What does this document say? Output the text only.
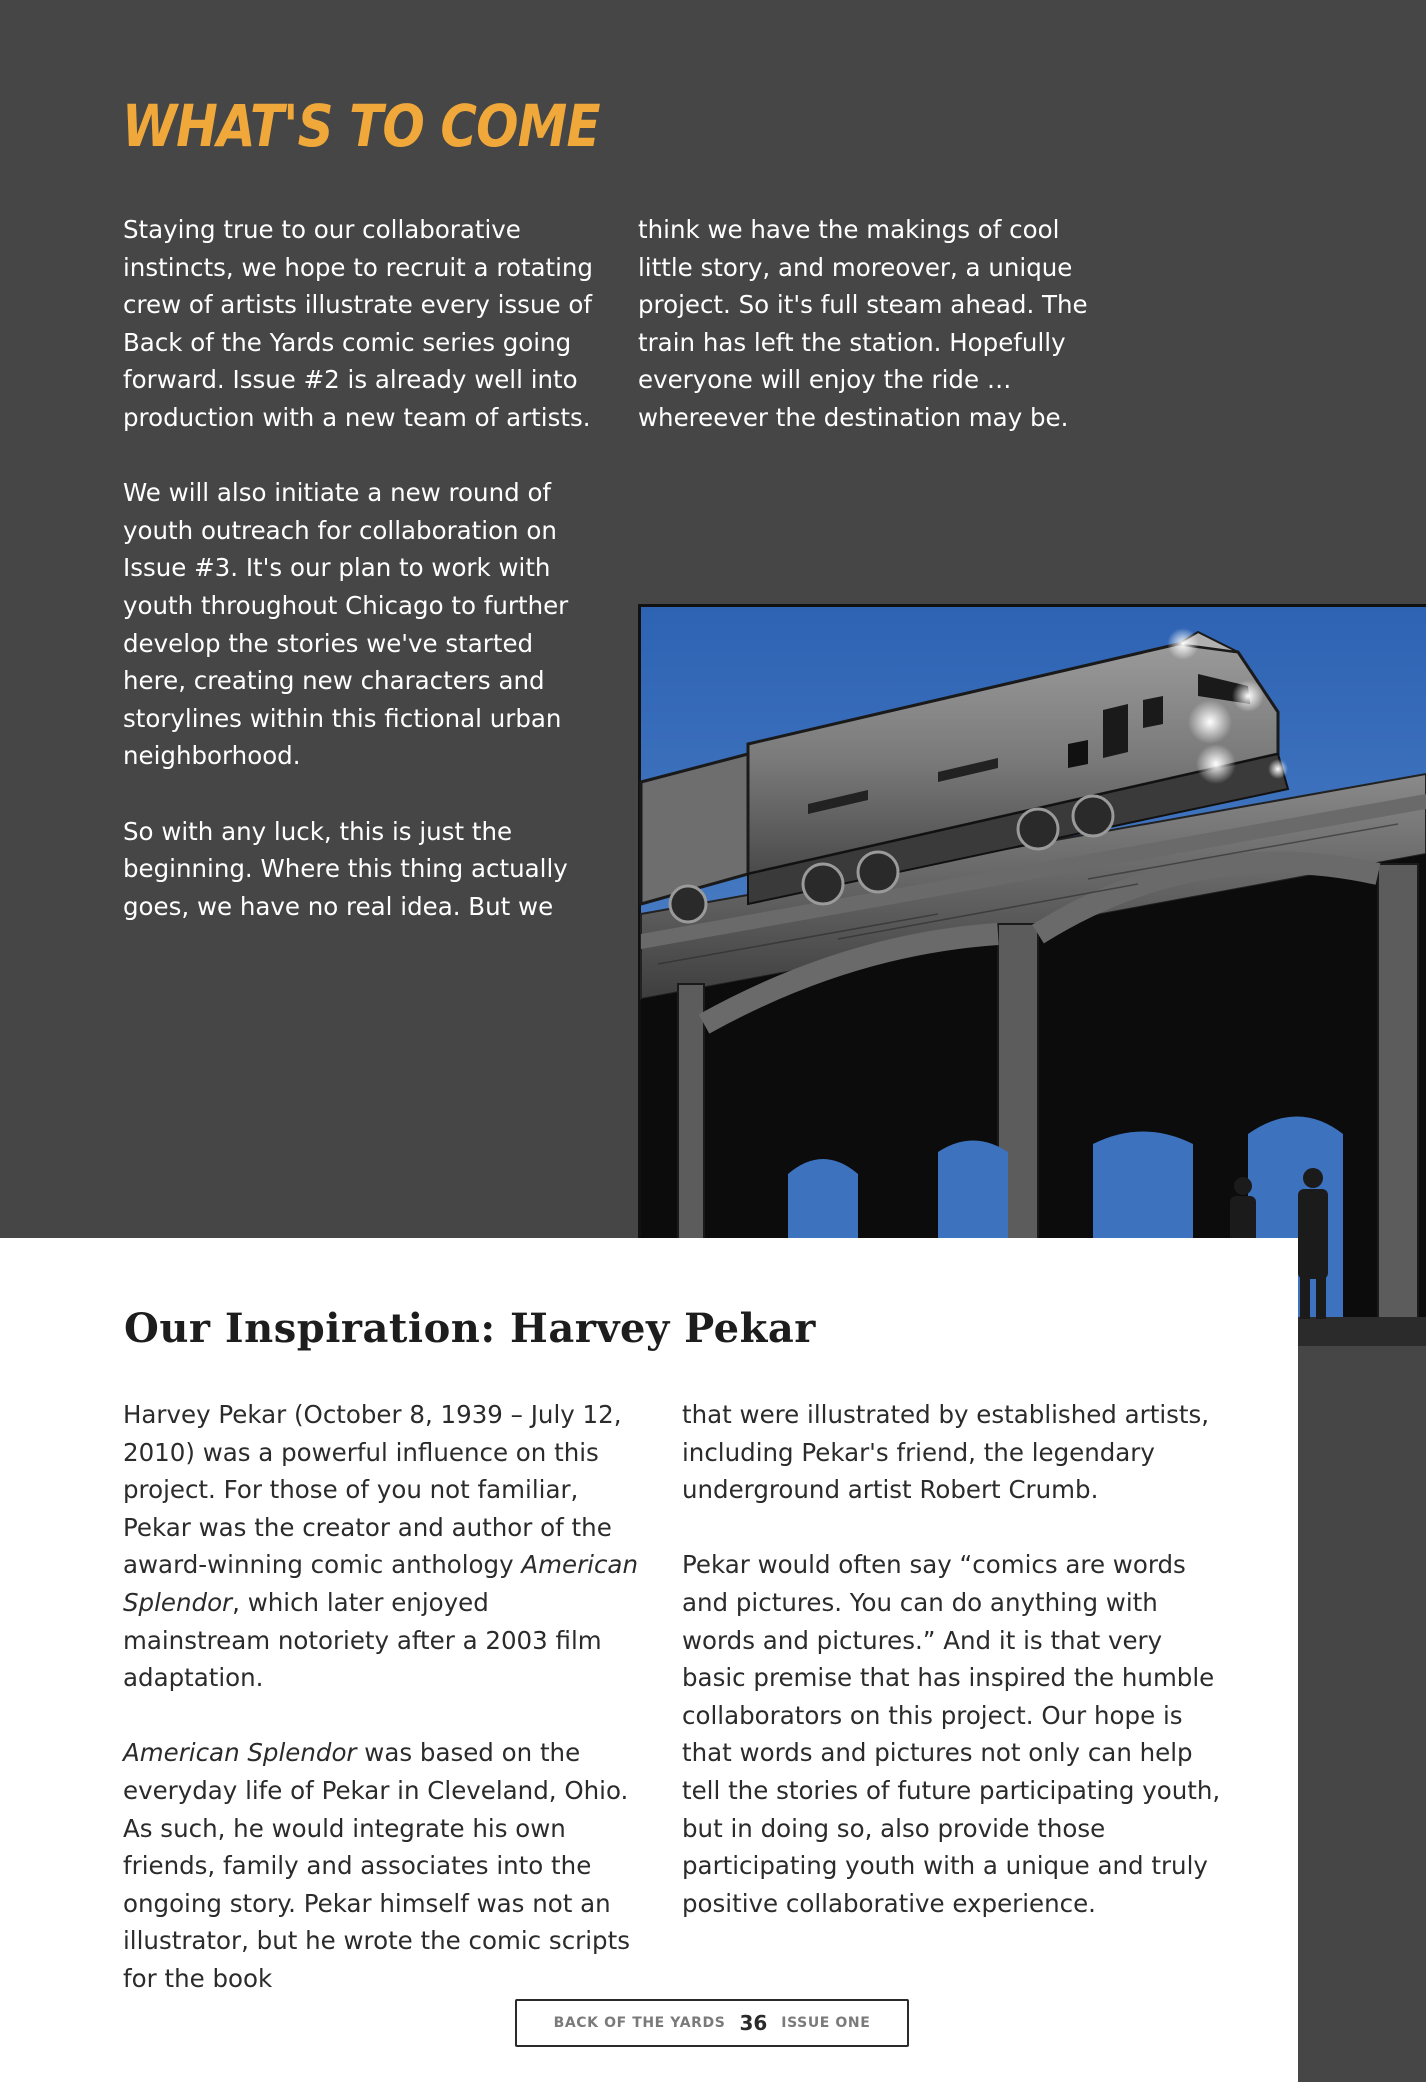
WHAT'S TO COME

Staying true to our collaborative instincts, we hope to recruit a rotating crew of artists illustrate every issue of Back of the Yards comic series going forward. Issue #2 is already well into production with a new team of artists.

We will also initiate a new round of youth outreach for collaboration on Issue #3. It's our plan to work with youth throughout Chicago to further develop the stories we've started here, creating new characters and storylines within this fictional urban neighborhood.

So with any luck, this is just the beginning. Where this thing actually goes, we have no real idea. But we

think we have the makings of cool little story, and moreover, a unique project. So it's full steam ahead. The train has left the station. Hopefully everyone will enjoy the ride … whereever the destination may be.

Our Inspiration: Harvey Pekar

Harvey Pekar (October 8, 1939 – July 12, 2010) was a powerful influence on this project. For those of you not familiar, Pekar was the creator and author of the award-winning comic anthology American Splendor, which later enjoyed mainstream notoriety after a 2003 film adaptation.

American Splendor was based on the everyday life of Pekar in Cleveland, Ohio. As such, he would integrate his own friends, family and associates into the ongoing story. Pekar himself was not an illustrator, but he wrote the comic scripts for the book

that were illustrated by established artists, including Pekar's friend, the legendary underground artist Robert Crumb.

Pekar would often say “comics are words and pictures. You can do anything with words and pictures.” And it is that very basic premise that has inspired the humble collaborators on this project. Our hope is that words and pictures not only can help tell the stories of future participating youth, but in doing so, also provide those participating youth with a unique and truly positive collaborative experience.

BACK OF THE YARDS 36 ISSUE ONE
